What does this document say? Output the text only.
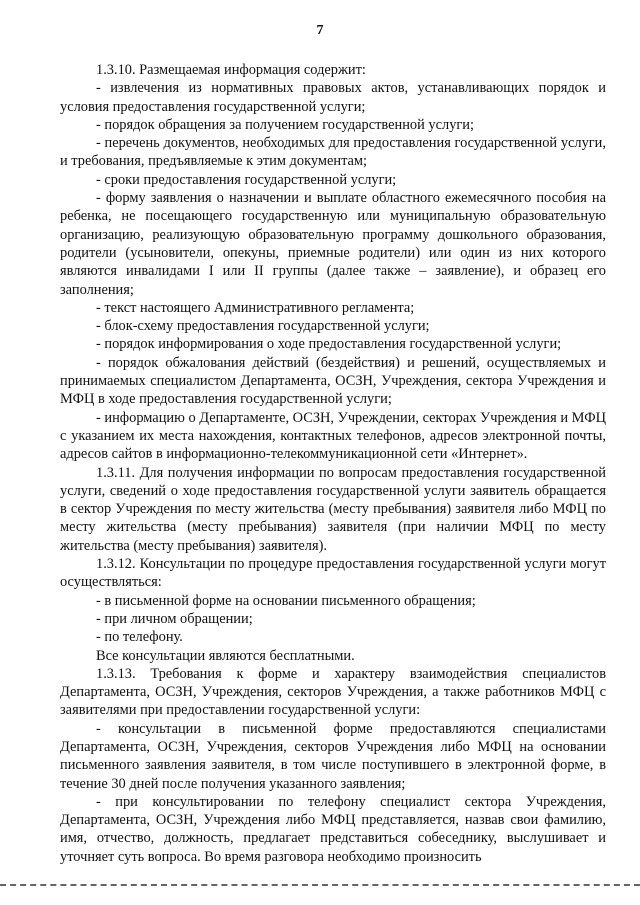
7

1.3.10. Размещаемая информация содержит:

- извлечения из нормативных правовых актов, устанавливающих порядок и условия предоставления государственной услуги;

- порядок обращения за получением государственной услуги;

- перечень документов, необходимых для предоставления государственной услуги, и требования, предъявляемые к этим документам;

- сроки предоставления государственной услуги;

- форму заявления о назначении и выплате областного ежемесячного пособия на ребенка, не посещающего государственную или муниципальную образовательную организацию, реализующую образовательную программу дошкольного образования, родители (усыновители, опекуны, приемные родители) или один из них которого являются инвалидами I или II группы (далее также – заявление), и образец его заполнения;

- текст настоящего Административного регламента;

- блок-схему предоставления государственной услуги;

- порядок информирования о ходе предоставления государственной услуги;

- порядок обжалования действий (бездействия) и решений, осуществляемых и принимаемых специалистом Департамента, ОСЗН, Учреждения, сектора Учреждения и МФЦ в ходе предоставления государственной услуги;

- информацию о Департаменте, ОСЗН, Учреждении, секторах Учреждения и МФЦ с указанием их места нахождения, контактных телефонов, адресов электронной почты, адресов сайтов в информационно-телекоммуникационной сети «Интернет».

1.3.11. Для получения информации по вопросам предоставления государственной услуги, сведений о ходе предоставления государственной услуги заявитель обращается в сектор Учреждения по месту жительства (месту пребывания) заявителя либо МФЦ по месту жительства (месту пребывания) заявителя (при наличии МФЦ по месту жительства (месту пребывания) заявителя).

1.3.12. Консультации по процедуре предоставления государственной услуги могут осуществляться:

- в письменной форме на основании письменного обращения;

- при личном обращении;

- по телефону.

Все консультации являются бесплатными.

1.3.13. Требования к форме и характеру взаимодействия специалистов Департамента, ОСЗН, Учреждения, секторов Учреждения, а также работников МФЦ с заявителями при предоставлении государственной услуги:

- консультации в письменной форме предоставляются специалистами Департамента, ОСЗН, Учреждения, секторов Учреждения либо МФЦ на основании письменного заявления заявителя, в том числе поступившего в электронной форме, в течение 30 дней после получения указанного заявления;

- при консультировании по телефону специалист сектора Учреждения, Департамента, ОСЗН, Учреждения либо МФЦ представляется, назвав свои фамилию, имя, отчество, должность, предлагает представиться собеседнику, выслушивает и уточняет суть вопроса. Во время разговора необходимо произносить
